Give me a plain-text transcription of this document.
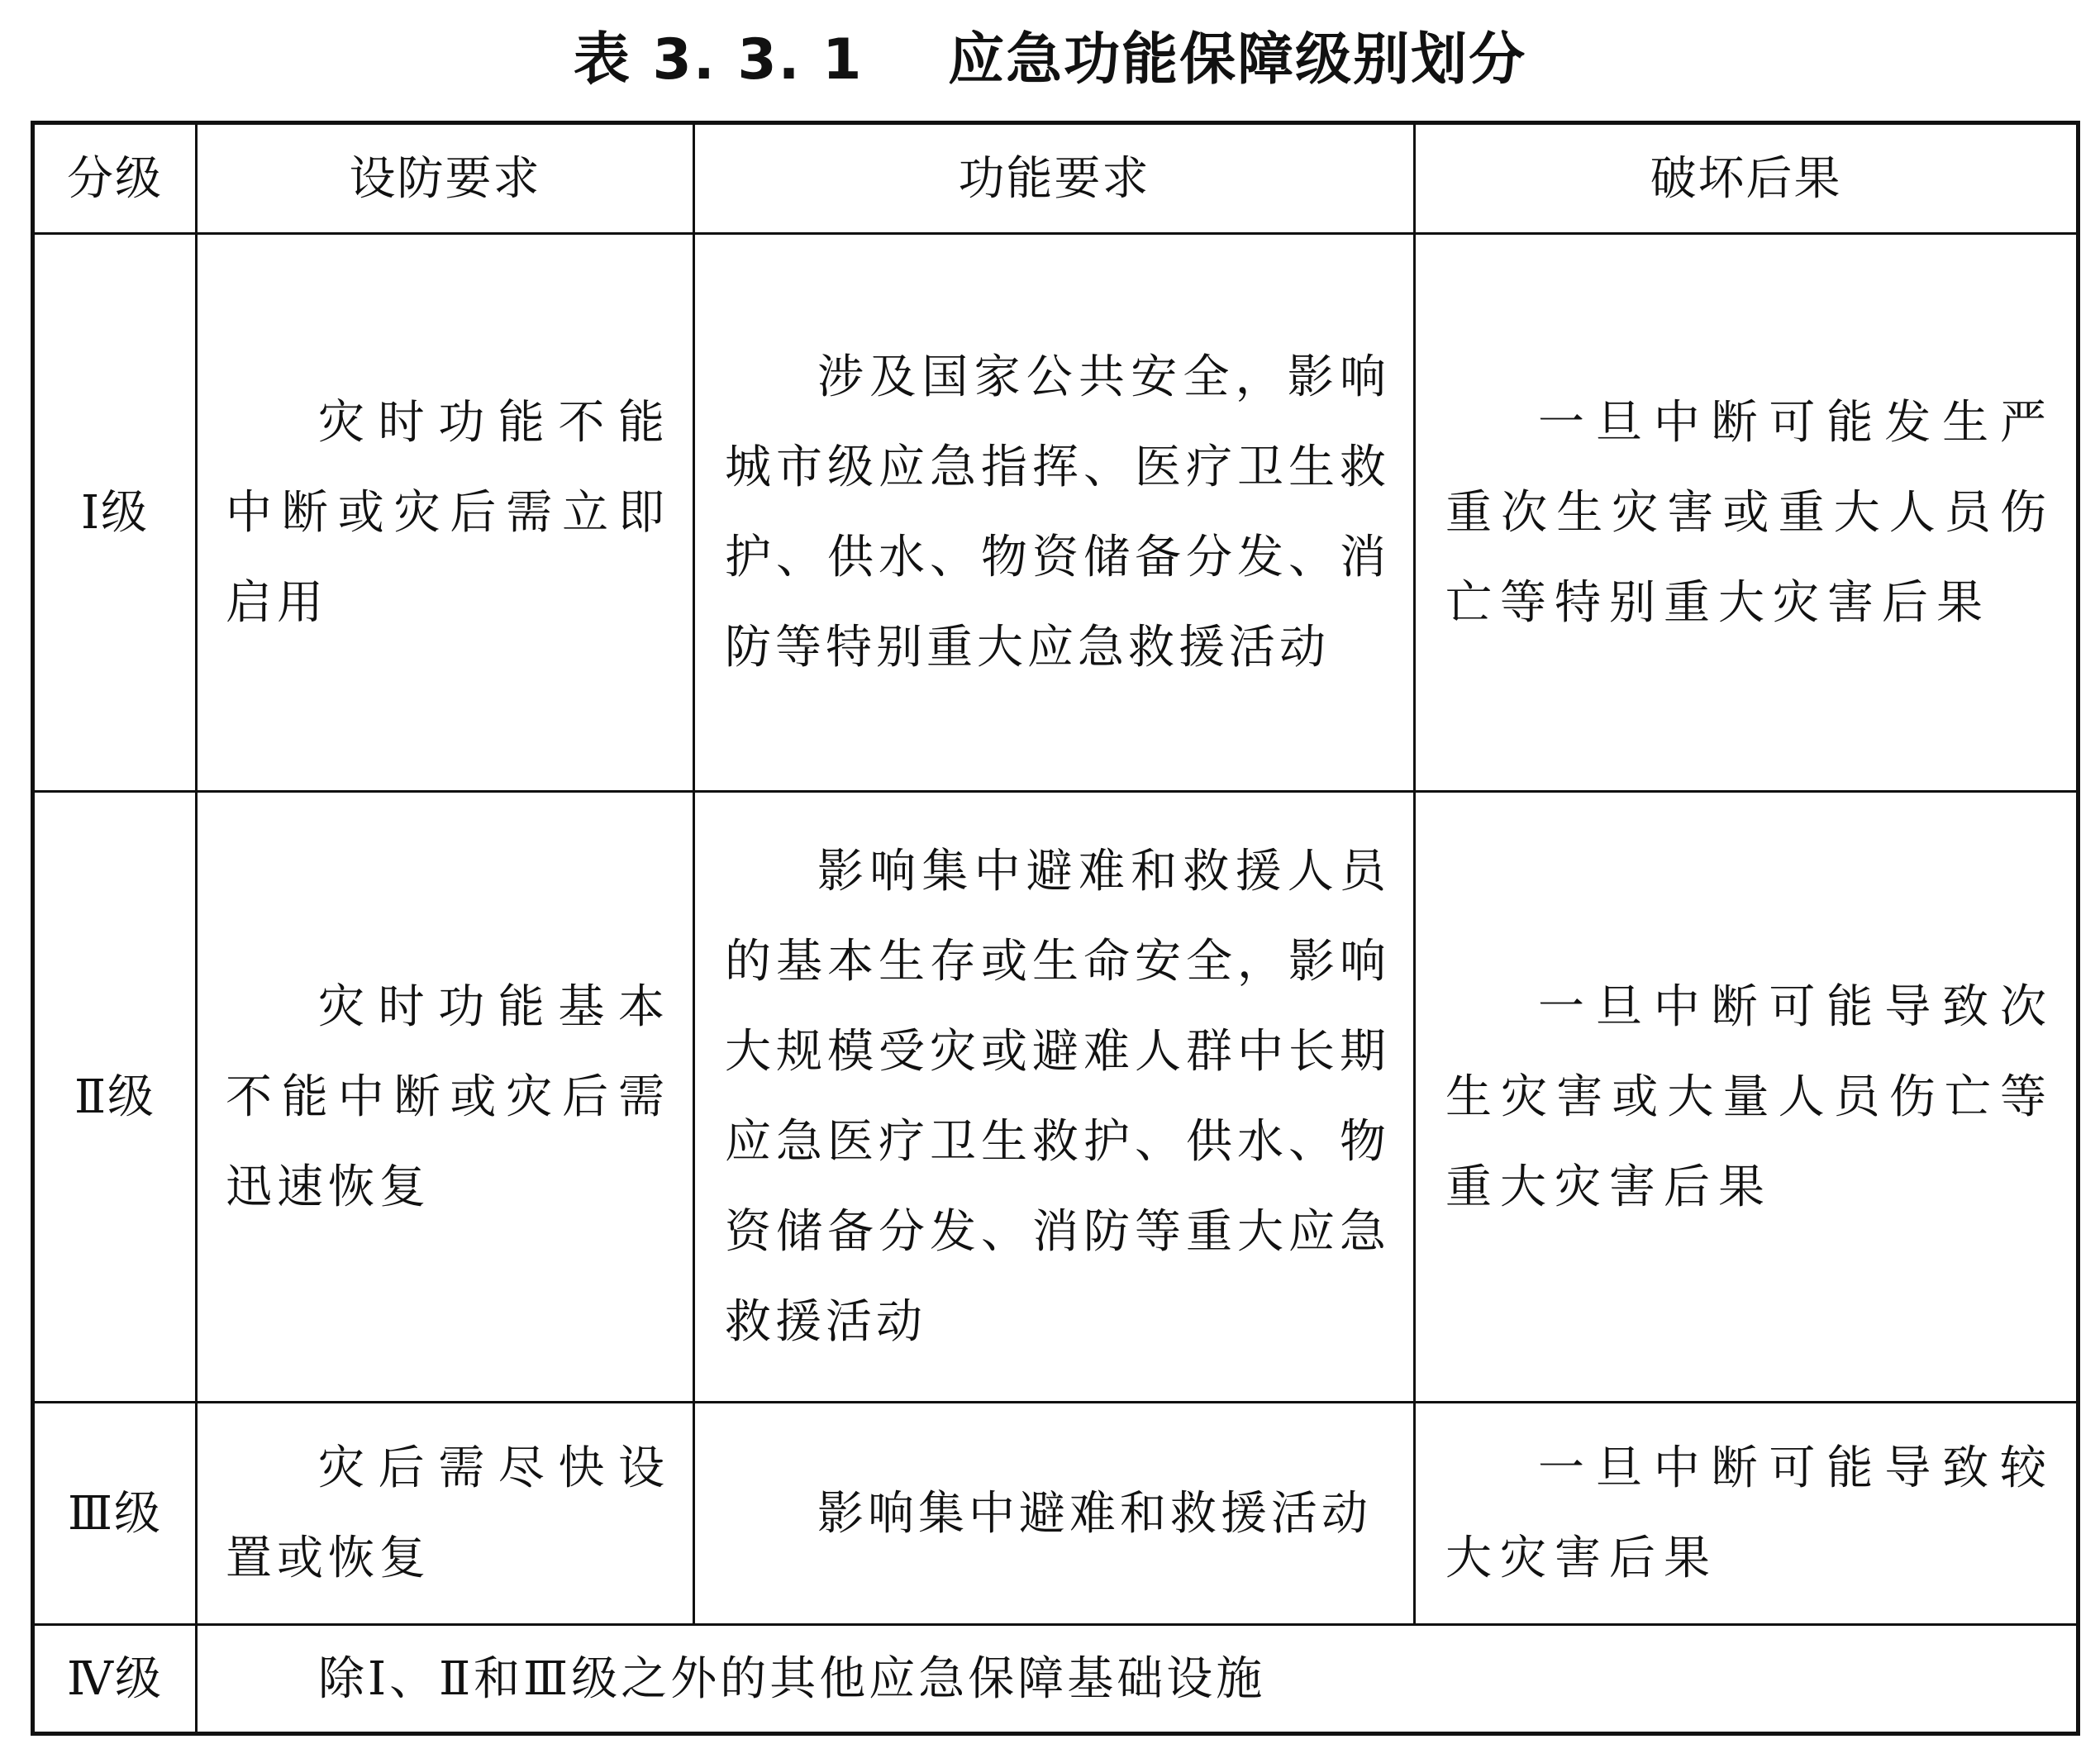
表 3. 3. 1    应急功能保障级别划分
分级	设防要求	功能要求	破坏后果
Ⅰ级	灾时功能不能中断或灾后需立即启用	涉及国家公共安全，影响城市级应急指挥、医疗卫生救护、供水、物资储备分发、消防等特别重大应急救援活动	一旦中断可能发生严重次生灾害或重大人员伤亡等特别重大灾害后果
Ⅱ级	灾时功能基本不能中断或灾后需迅速恢复	影响集中避难和救援人员的基本生存或生命安全，影响大规模受灾或避难人群中长期应急医疗卫生救护、供水、物资储备分发、消防等重大应急救援活动	一旦中断可能导致次生灾害或大量人员伤亡等重大灾害后果
Ⅲ级	灾后需尽快设置或恢复	影响集中避难和救援活动	一旦中断可能导致较大灾害后果
Ⅳ级	除Ⅰ、Ⅱ和Ⅲ级之外的其他应急保障基础设施		
